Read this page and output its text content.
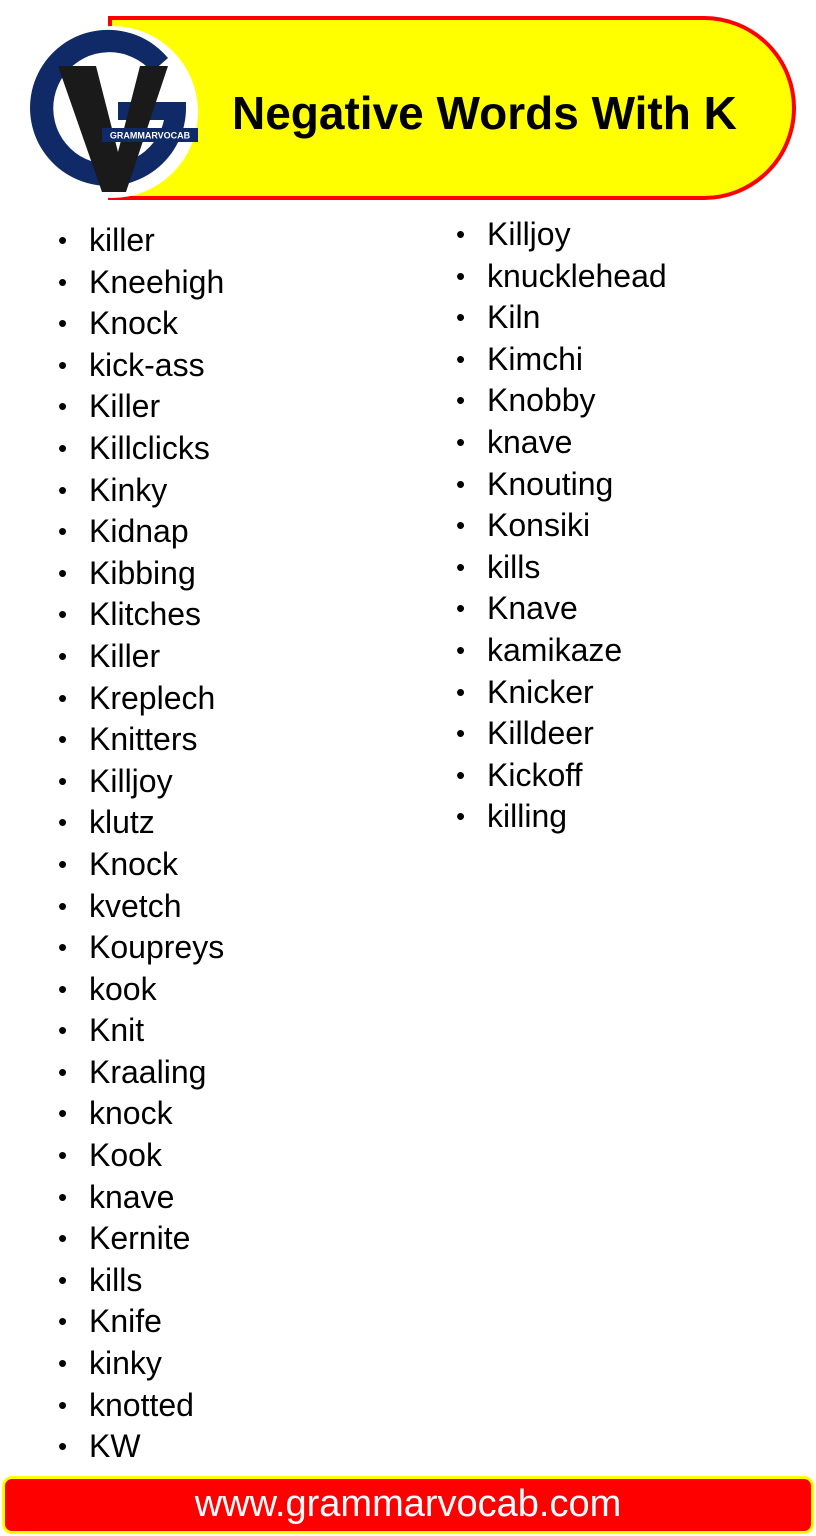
Negative Words With K
GRAMMARVOCAB
• killer
• Kneehigh
• Knock
• kick-ass
• Killer
• Killclicks
• Kinky
• Kidnap
• Kibbing
• Klitches
• Killer
• Kreplech
• Knitters
• Killjoy
• klutz
• Knock
• kvetch
• Koupreys
• kook
• Knit
• Kraaling
• knock
• Kook
• knave
• Kernite
• kills
• Knife
• kinky
• knotted
• KW
• Killjoy
• knucklehead
• Kiln
• Kimchi
• Knobby
• knave
• Knouting
• Konsiki
• kills
• Knave
• kamikaze
• Knicker
• Killdeer
• Kickoff
• killing
www.grammarvocab.com
